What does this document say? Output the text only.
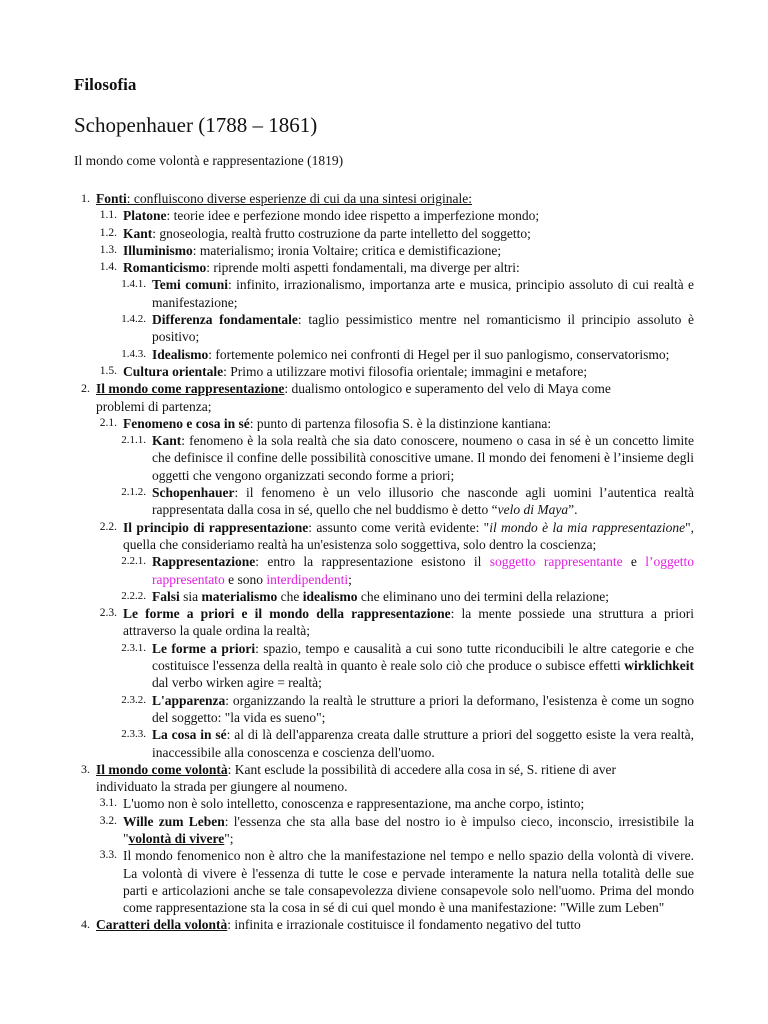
Filosofia
Schopenhauer (1788 – 1861)
Il mondo come volontà e rappresentazione (1819)
1. Fonti: confluiscono diverse esperienze di cui da una sintesi originale:
1.1. Platone: teorie idee e perfezione mondo idee rispetto a imperfezione mondo;
1.2. Kant: gnoseologia, realtà frutto costruzione da parte intelletto del soggetto;
1.3. Illuminismo: materialismo; ironia Voltaire; critica e demistificazione;
1.4. Romanticismo: riprende molti aspetti fondamentali, ma diverge per altri:
1.4.1. Temi comuni: infinito, irrazionalismo, importanza arte e musica, principio assoluto di cui realtà e manifestazione;
1.4.2. Differenza fondamentale: taglio pessimistico mentre nel romanticismo il principio assoluto è positivo;
1.4.3. Idealismo: fortemente polemico nei confronti di Hegel per il suo panlogismo, conservatorismo;
1.5. Cultura orientale: Primo a utilizzare motivi filosofia orientale; immagini e metafore;
2. Il mondo come rappresentazione: dualismo ontologico e superamento del velo di Maya come
problemi di partenza;
2.1. Fenomeno e cosa in sé: punto di partenza filosofia S. è la distinzione kantiana:
2.1.1. Kant: fenomeno è la sola realtà che sia dato conoscere, noumeno o casa in sé è un concetto limite che definisce il confine delle possibilità conoscitive umane. Il mondo dei fenomeni è l’insieme degli oggetti che vengono organizzati secondo forme a priori;
2.1.2. Schopenhauer: il fenomeno è un velo illusorio che nasconde agli uomini l’autentica realtà rappresentata dalla cosa in sé, quello che nel buddismo è detto “velo di Maya”.
2.2. Il principio di rappresentazione: assunto come verità evidente: "il mondo è la mia rappresentazione", quella che consideriamo realtà ha un'esistenza solo soggettiva, solo dentro la coscienza;
2.2.1. Rappresentazione: entro la rappresentazione esistono il soggetto rappresentante e l’oggetto rappresentato e sono interdipendenti;
2.2.2. Falsi sia materialismo che idealismo che eliminano uno dei termini della relazione;
2.3. Le forme a priori e il mondo della rappresentazione: la mente possiede una struttura a priori attraverso la quale ordina la realtà;
2.3.1. Le forme a priori: spazio, tempo e causalità a cui sono tutte riconducibili le altre categorie e che costituisce l'essenza della realtà in quanto è reale solo ciò che produce o subisce effetti wirklichkeit dal verbo wirken agire = realtà;
2.3.2. L'apparenza: organizzando la realtà le strutture a priori la deformano, l'esistenza è come un sogno del soggetto: "la vida es sueno";
2.3.3. La cosa in sé: al di là dell'apparenza creata dalle strutture a priori del soggetto esiste la vera realtà, inaccessibile alla conoscenza e coscienza dell'uomo.
3. Il mondo come volontà: Kant esclude la possibilità di accedere alla cosa in sé, S. ritiene di aver
individuato la strada per giungere al noumeno.
3.1. L'uomo non è solo intelletto, conoscenza e rappresentazione, ma anche corpo, istinto;
3.2. Wille zum Leben: l'essenza che sta alla base del nostro io è impulso cieco, inconscio, irresistibile la "volontà di vivere";
3.3. Il mondo fenomenico non è altro che la manifestazione nel tempo e nello spazio della volontà di vivere. La volontà di vivere è l'essenza di tutte le cose e pervade interamente la natura nella totalità delle sue parti e articolazioni anche se tale consapevolezza diviene consapevole solo nell'uomo. Prima del mondo come rappresentazione sta la cosa in sé di cui quel mondo è una manifestazione: "Wille zum Leben"
4. Caratteri della volontà: infinita e irrazionale costituisce il fondamento negativo del tutto
